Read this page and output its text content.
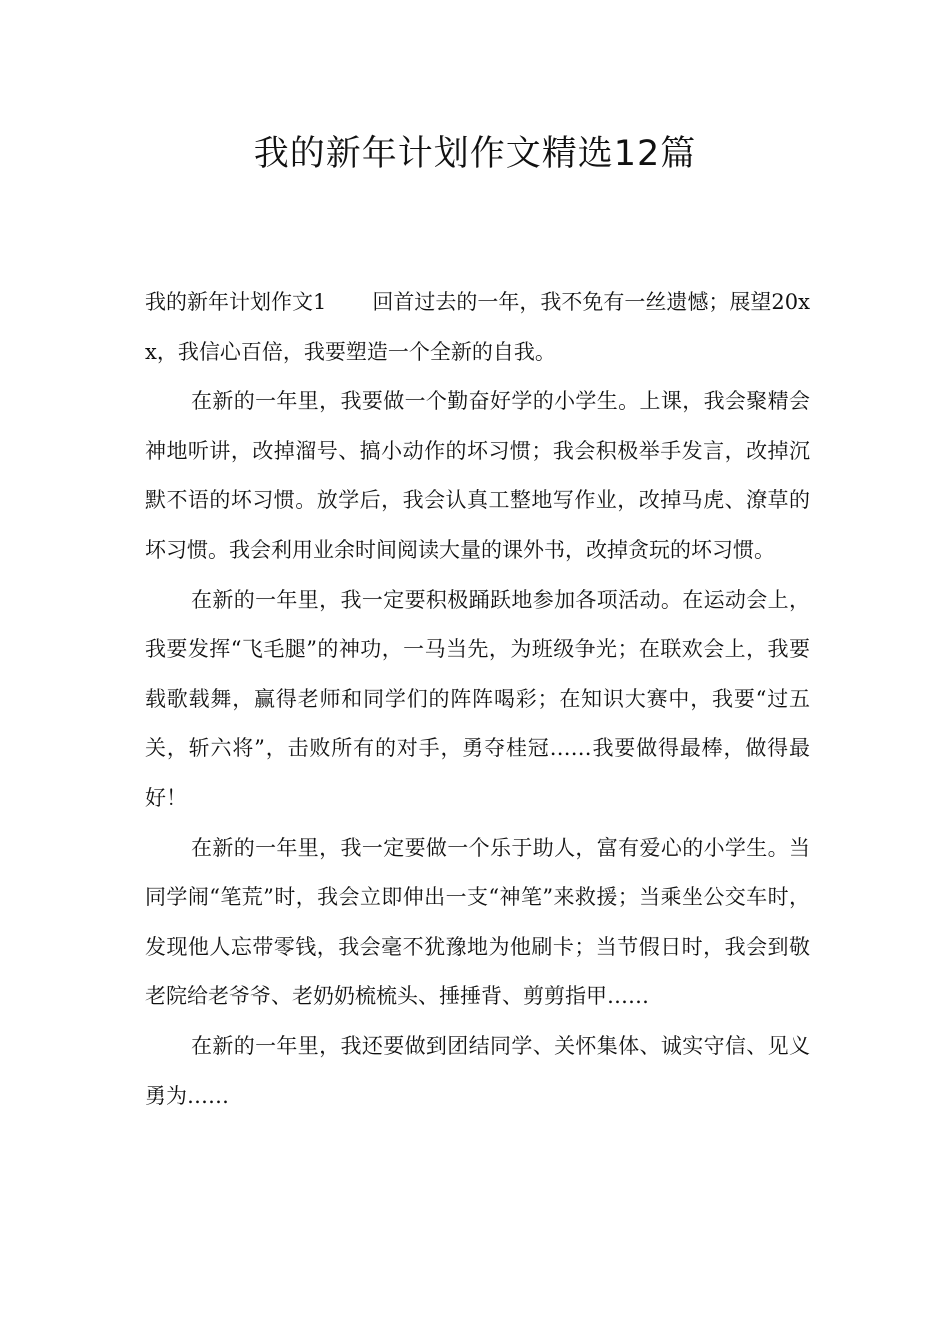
我的新年计划作文精选12篇

我的新年计划作文1 回首过去的一年，我不免有一丝遗憾；展望20xx，我信心百倍，我要塑造一个全新的自我。

在新的一年里，我要做一个勤奋好学的小学生。上课，我会聚精会神地听讲，改掉溜号、搞小动作的坏习惯；我会积极举手发言，改掉沉默不语的坏习惯。放学后，我会认真工整地写作业，改掉马虎、潦草的坏习惯。我会利用业余时间阅读大量的课外书，改掉贪玩的坏习惯。

在新的一年里，我一定要积极踊跃地参加各项活动。在运动会上，我要发挥“飞毛腿”的神功，一马当先，为班级争光；在联欢会上，我要载歌载舞，赢得老师和同学们的阵阵喝彩；在知识大赛中，我要“过五关，斩六将”，击败所有的对手，勇夺桂冠……我要做得最棒，做得最好！

在新的一年里，我一定要做一个乐于助人，富有爱心的小学生。当同学闹“笔荒”时，我会立即伸出一支“神笔”来救援；当乘坐公交车时，发现他人忘带零钱，我会毫不犹豫地为他刷卡；当节假日时，我会到敬老院给老爷爷、老奶奶梳梳头、捶捶背、剪剪指甲……

在新的一年里，我还要做到团结同学、关怀集体、诚实守信、见义勇为……
